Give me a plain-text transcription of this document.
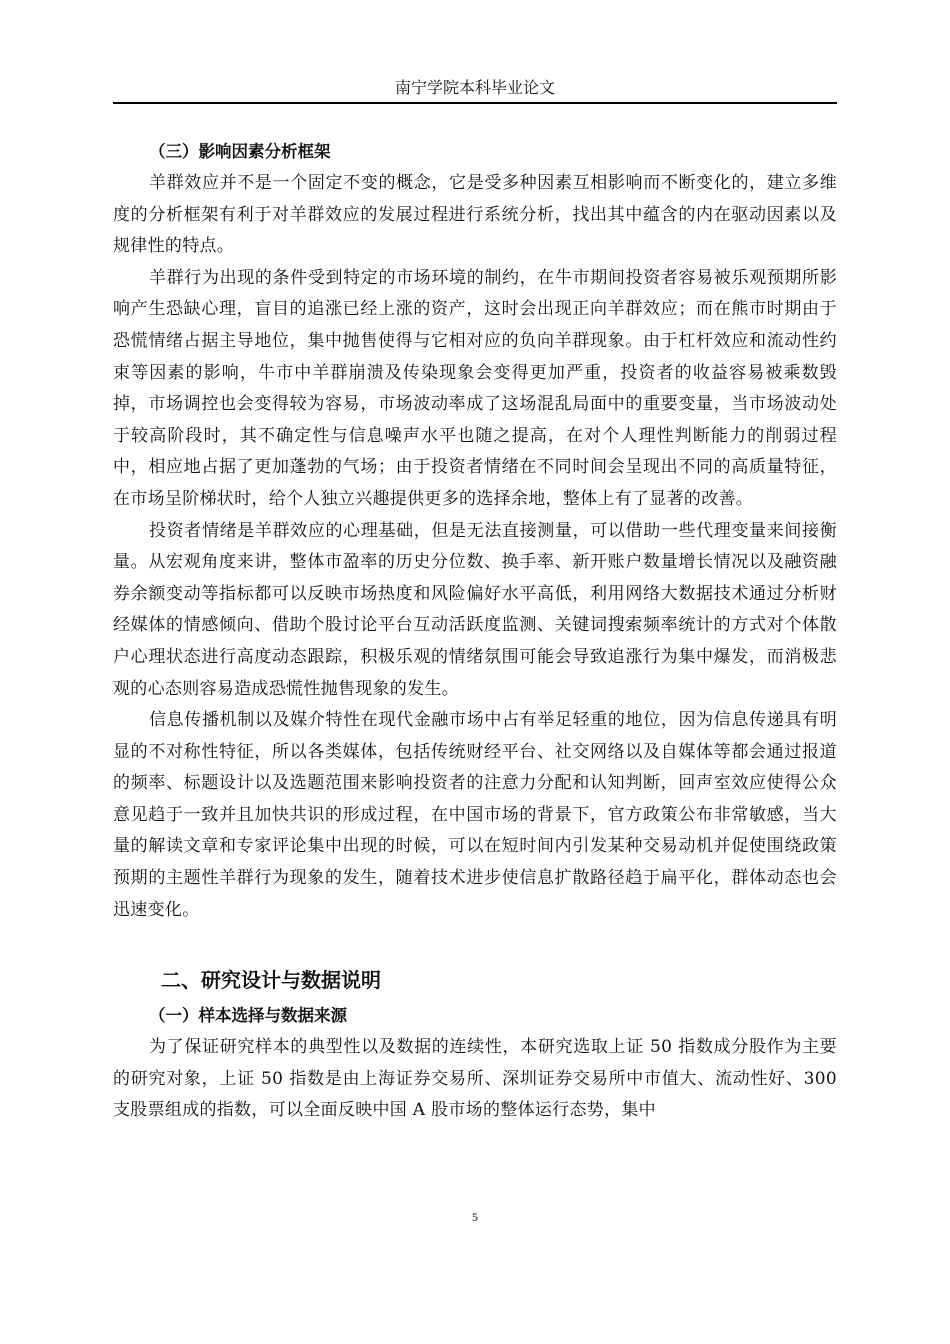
南宁学院本科毕业论文

（三）影响因素分析框架

羊群效应并不是一个固定不变的概念，它是受多种因素互相影响而不断变化的，建立多维度的分析框架有利于对羊群效应的发展过程进行系统分析，找出其中蕴含的内在驱动因素以及规律性的特点。

羊群行为出现的条件受到特定的市场环境的制约，在牛市期间投资者容易被乐观预期所影响产生恐缺心理，盲目的追涨已经上涨的资产，这时会出现正向羊群效应；而在熊市时期由于恐慌情绪占据主导地位，集中抛售使得与它相对应的负向羊群现象。由于杠杆效应和流动性约束等因素的影响，牛市中羊群崩溃及传染现象会变得更加严重，投资者的收益容易被乘数毁掉，市场调控也会变得较为容易，市场波动率成了这场混乱局面中的重要变量，当市场波动处于较高阶段时，其不确定性与信息噪声水平也随之提高，在对个人理性判断能力的削弱过程中，相应地占据了更加蓬勃的气场；由于投资者情绪在不同时间会呈现出不同的高质量特征，在市场呈阶梯状时，给个人独立兴趣提供更多的选择余地，整体上有了显著的改善。

投资者情绪是羊群效应的心理基础，但是无法直接测量，可以借助一些代理变量来间接衡量。从宏观角度来讲，整体市盈率的历史分位数、换手率、新开账户数量增长情况以及融资融券余额变动等指标都可以反映市场热度和风险偏好水平高低，利用网络大数据技术通过分析财经媒体的情感倾向、借助个股讨论平台互动活跃度监测、关键词搜索频率统计的方式对个体散户心理状态进行高度动态跟踪，积极乐观的情绪氛围可能会导致追涨行为集中爆发，而消极悲观的心态则容易造成恐慌性抛售现象的发生。

信息传播机制以及媒介特性在现代金融市场中占有举足轻重的地位，因为信息传递具有明显的不对称性特征，所以各类媒体，包括传统财经平台、社交网络以及自媒体等都会通过报道的频率、标题设计以及选题范围来影响投资者的注意力分配和认知判断，回声室效应使得公众意见趋于一致并且加快共识的形成过程，在中国市场的背景下，官方政策公布非常敏感，当大量的解读文章和专家评论集中出现的时候，可以在短时间内引发某种交易动机并促使围绕政策预期的主题性羊群行为现象的发生，随着技术进步使信息扩散路径趋于扁平化，群体动态也会迅速变化。

二、研究设计与数据说明

（一）样本选择与数据来源

为了保证研究样本的典型性以及数据的连续性，本研究选取上证 50 指数成分股作为主要的研究对象，上证 50 指数是由上海证券交易所、深圳证券交易所中市值大、流动性好、300 支股票组成的指数，可以全面反映中国 A 股市场的整体运行态势，集中

5
